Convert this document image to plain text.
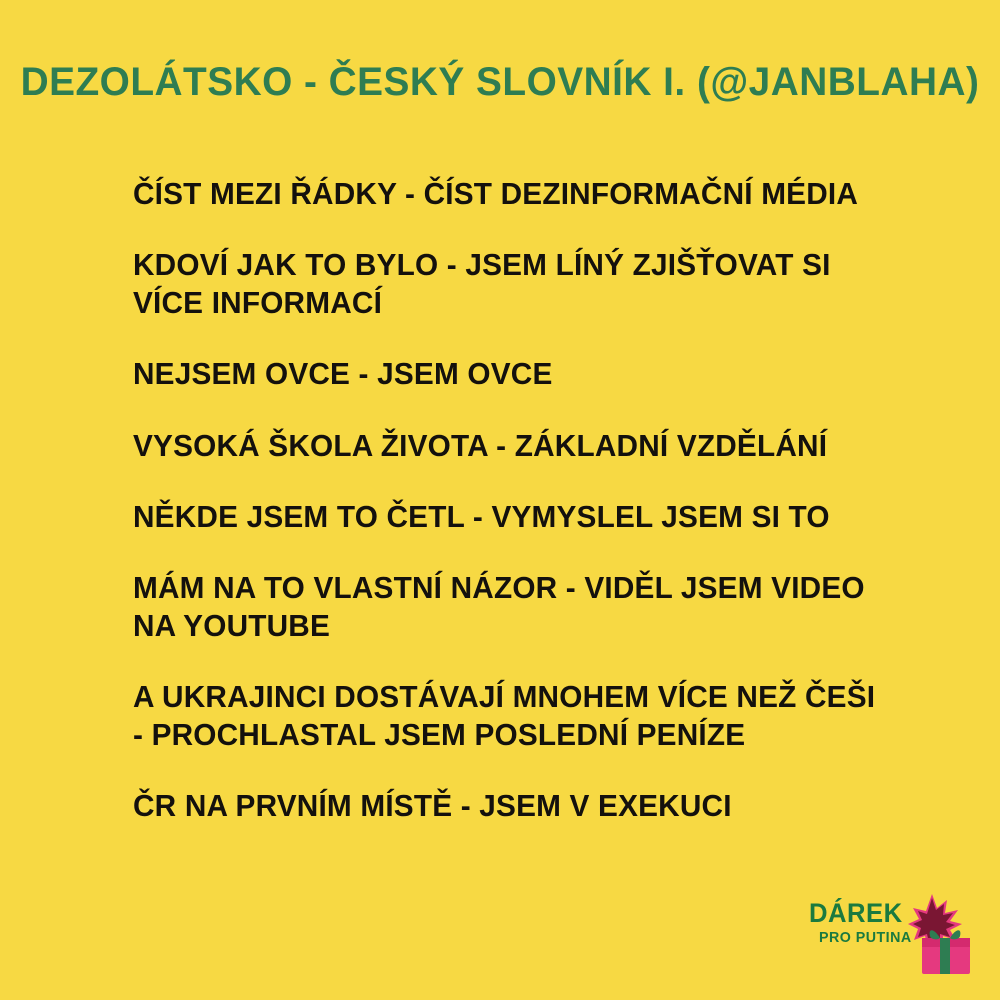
DEZOLÁTSKO - ČESKÝ SLOVNÍK I. (@JANBLAHA)
ČÍST MEZI ŘÁDKY - ČÍST DEZINFORMAČNÍ MÉDIA
KDOVÍ JAK TO BYLO - JSEM LÍNÝ ZJIŠŤOVAT SI VÍCE INFORMACÍ
NEJSEM OVCE - JSEM OVCE
VYSOKÁ ŠKOLA ŽIVOTA - ZÁKLADNÍ VZDĚLÁNÍ
NĚKDE JSEM TO ČETL - VYMYSLEL JSEM SI TO
MÁM NA TO VLASTNÍ NÁZOR - VIDĚL JSEM VIDEO NA YOUTUBE
A UKRAJINCI DOSTÁVAJÍ MNOHEM VÍCE NEŽ ČEŠI - PROCHLASTAL JSEM POSLEDNÍ PENÍZE
ČR NA PRVNÍM MÍSTĚ - JSEM V EXEKUCI
DÁREK
PRO PUTINA
